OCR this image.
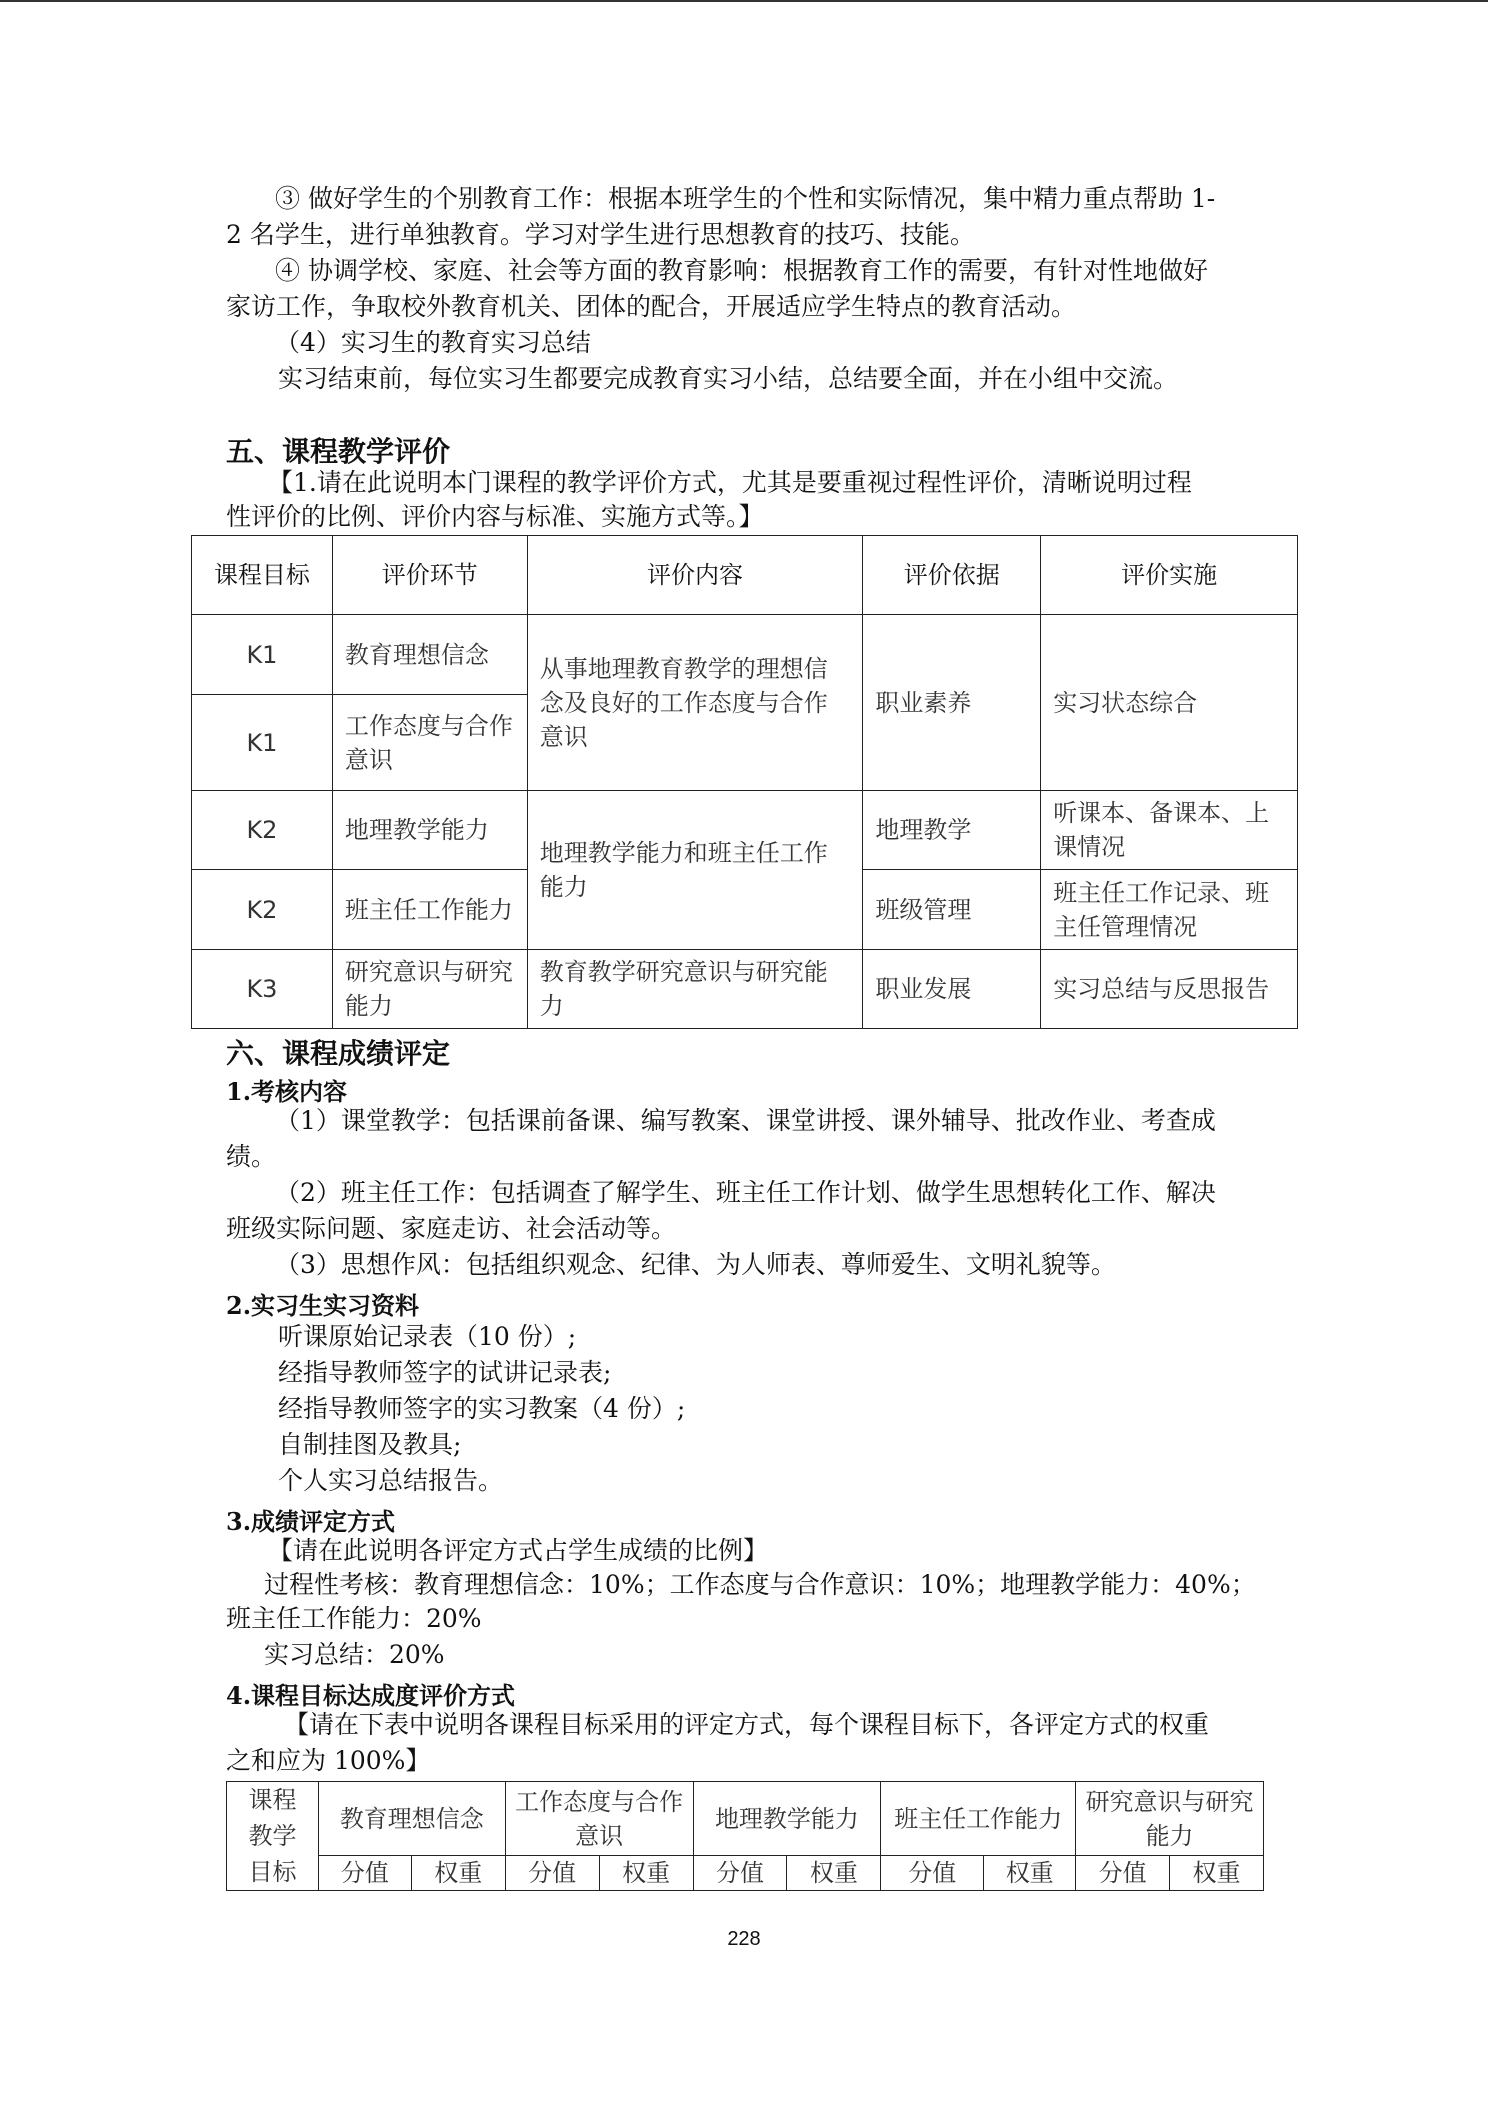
③ 做好学生的个别教育工作：根据本班学生的个性和实际情况，集中精力重点帮助 1-
2 名学生，进行单独教育。学习对学生进行思想教育的技巧、技能。
④ 协调学校、家庭、社会等方面的教育影响：根据教育工作的需要，有针对性地做好
家访工作，争取校外教育机关、团体的配合，开展适应学生特点的教育活动。
（4）实习生的教育实习总结
实习结束前，每位实习生都要完成教育实习小结，总结要全面，并在小组中交流。
五、课程教学评价
【1.请在此说明本门课程的教学评价方式，尤其是要重视过程性评价，清晰说明过程
性评价的比例、评价内容与标准、实施方式等。】
课程目标	评价环节	评价内容	评价依据	评价实施
K1	教育理想信念	从事地理教育教学的理想信念及良好的工作态度与合作意识	职业素养	实习状态综合
K1	工作态度与合作意识			
K2	地理教学能力	地理教学能力和班主任工作能力	地理教学	听课本、备课本、上课情况
K2	班主任工作能力		班级管理	班主任工作记录、班主任管理情况
K3	研究意识与研究能力	教育教学研究意识与研究能力	职业发展	实习总结与反思报告
六、课程成绩评定
1.考核内容
（1）课堂教学：包括课前备课、编写教案、课堂讲授、课外辅导、批改作业、考查成
绩。
（2）班主任工作：包括调查了解学生、班主任工作计划、做学生思想转化工作、解决
班级实际问题、家庭走访、社会活动等。
（3）思想作风：包括组织观念、纪律、为人师表、尊师爱生、文明礼貌等。
2.实习生实习资料
听课原始记录表（10 份）;
经指导教师签字的试讲记录表;
经指导教师签字的实习教案（4 份）;
自制挂图及教具;
个人实习总结报告。
3.成绩评定方式
【请在此说明各评定方式占学生成绩的比例】
过程性考核：教育理想信念：10%；工作态度与合作意识：10%；地理教学能力：40%；
班主任工作能力：20%
实习总结：20%
4.课程目标达成度评价方式
【请在下表中说明各课程目标采用的评定方式，每个课程目标下，各评定方式的权重
之和应为 100%】
课程
教学
目标	教育理想信念		工作态度与合作意识		地理教学能力		班主任工作能力		研究意识与研究能力	
	分值	权重	分值	权重	分值	权重	分值	权重	分值	权重
228
